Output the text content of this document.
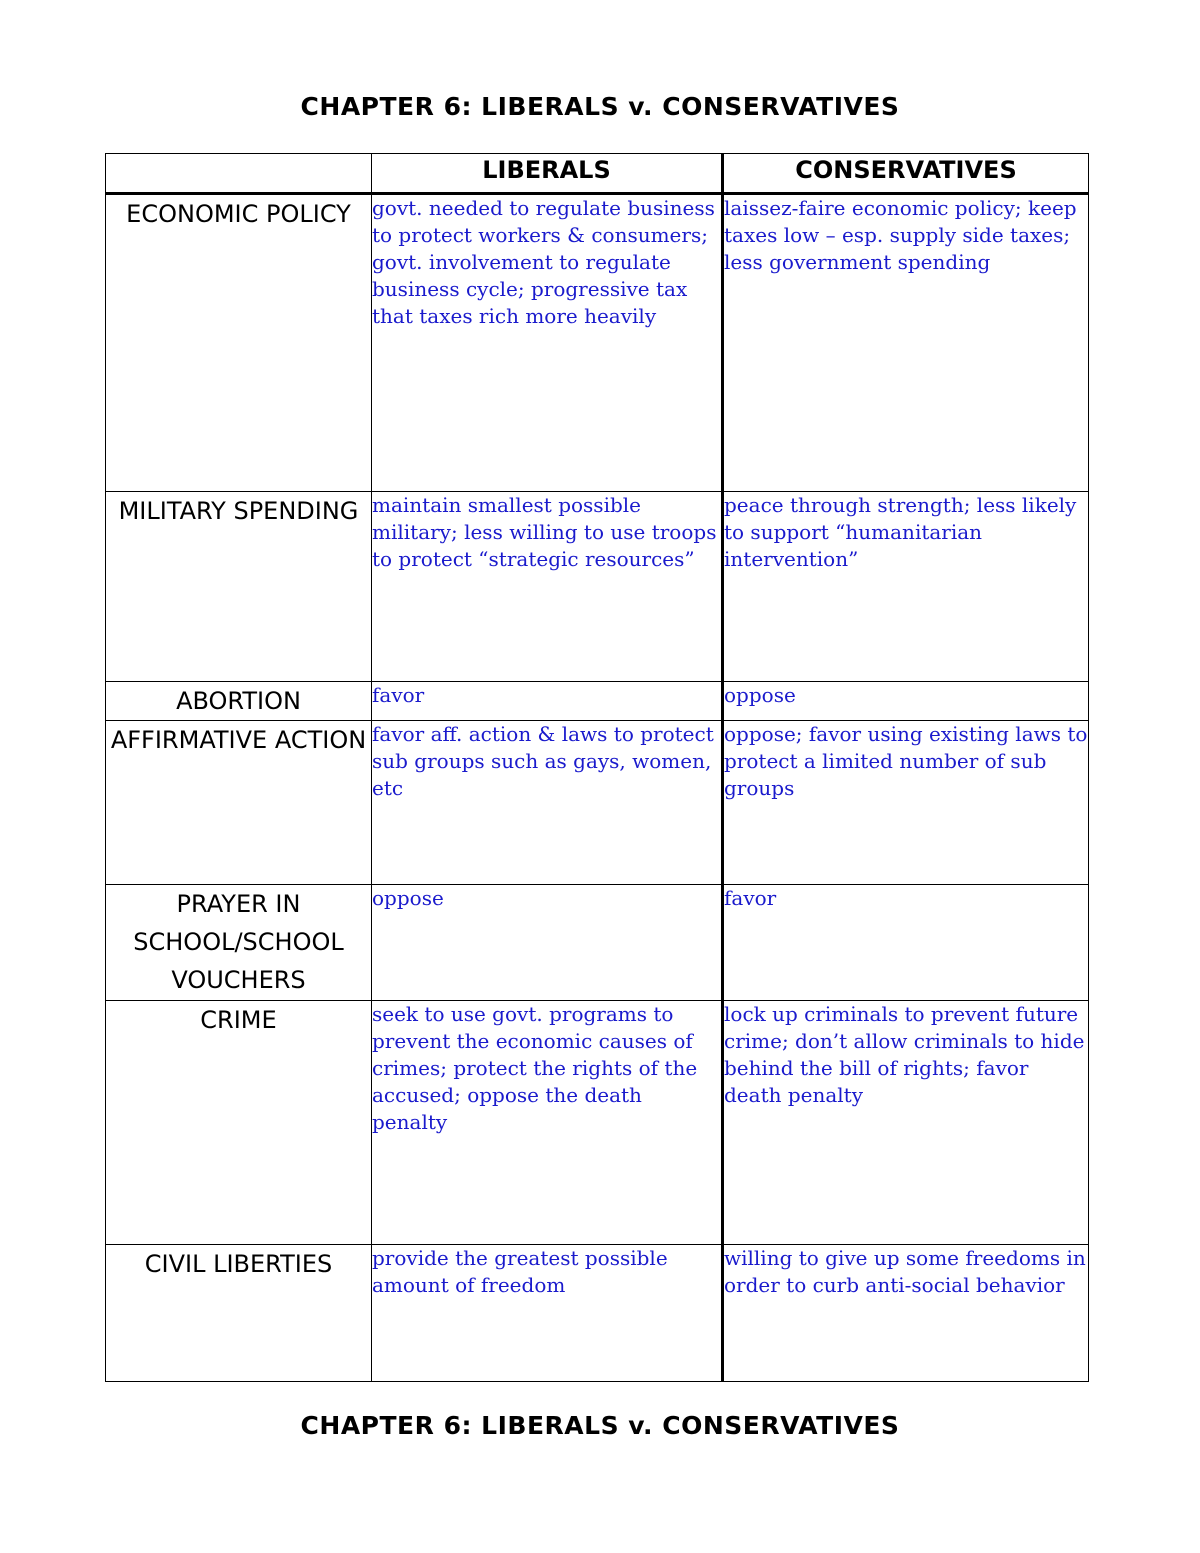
CHAPTER 6: LIBERALS v. CONSERVATIVES
	LIBERALS	CONSERVATIVES
ECONOMIC POLICY	govt. needed to regulate business to protect workers & consumers; govt. involvement to regulate business cycle; progressive tax that taxes rich more heavily	laissez-faire economic policy; keep taxes low – esp. supply side taxes; less government spending
MILITARY SPENDING	maintain smallest possible military; less willing to use troops to protect “strategic resources”	peace through strength; less likely to support “humanitarian intervention”
ABORTION	favor	oppose
AFFIRMATIVE ACTION	favor aff. action & laws to protect sub groups such as gays, women, etc	oppose; favor using existing laws to protect a limited number of sub groups
PRAYER IN SCHOOL/SCHOOL VOUCHERS	oppose	favor
CRIME	seek to use govt. programs to prevent the economic causes of crimes; protect the rights of the accused; oppose the death penalty	lock up criminals to prevent future crime; don’t allow criminals to hide behind the bill of rights; favor death penalty
CIVIL LIBERTIES	provide the greatest possible amount of freedom	willing to give up some freedoms in order to curb anti-social behavior
CHAPTER 6: LIBERALS v. CONSERVATIVES
